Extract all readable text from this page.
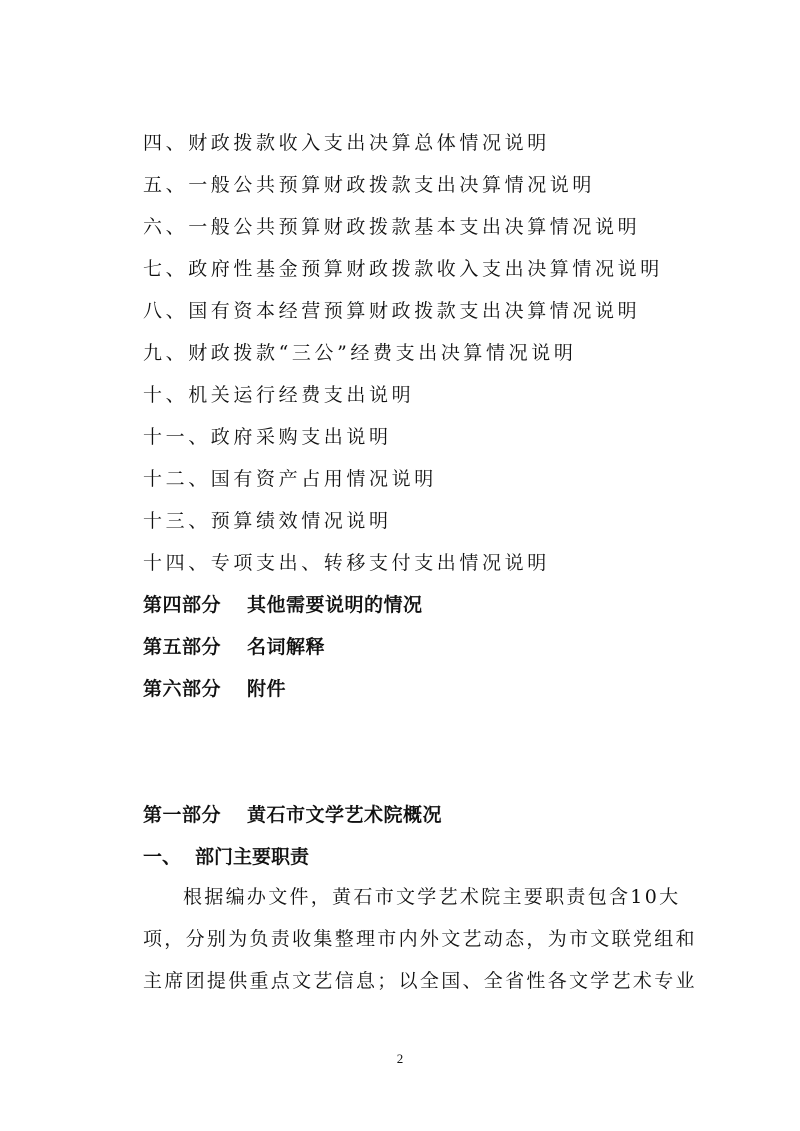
四、财政拨款收入支出决算总体情况说明
五、一般公共预算财政拨款支出决算情况说明
六、一般公共预算财政拨款基本支出决算情况说明
七、政府性基金预算财政拨款收入支出决算情况说明
八、国有资本经营预算财政拨款支出决算情况说明
九、财政拨款“三公”经费支出决算情况说明
十、机关运行经费支出说明
十一、政府采购支出说明
十二、国有资产占用情况说明
十三、预算绩效情况说明
十四、专项支出、转移支付支出情况说明
第四部分 其他需要说明的情况
第五部分 名词解释
第六部分 附件
第一部分 黄石市文学艺术院概况
一、 部门主要职责

根据编办文件，黄石市文学艺术院主要职责包含10大项，分别为负责收集整理市内外文艺动态，为市文联党组和主席团提供重点文艺信息；以全国、全省性各文学艺术专业

2
